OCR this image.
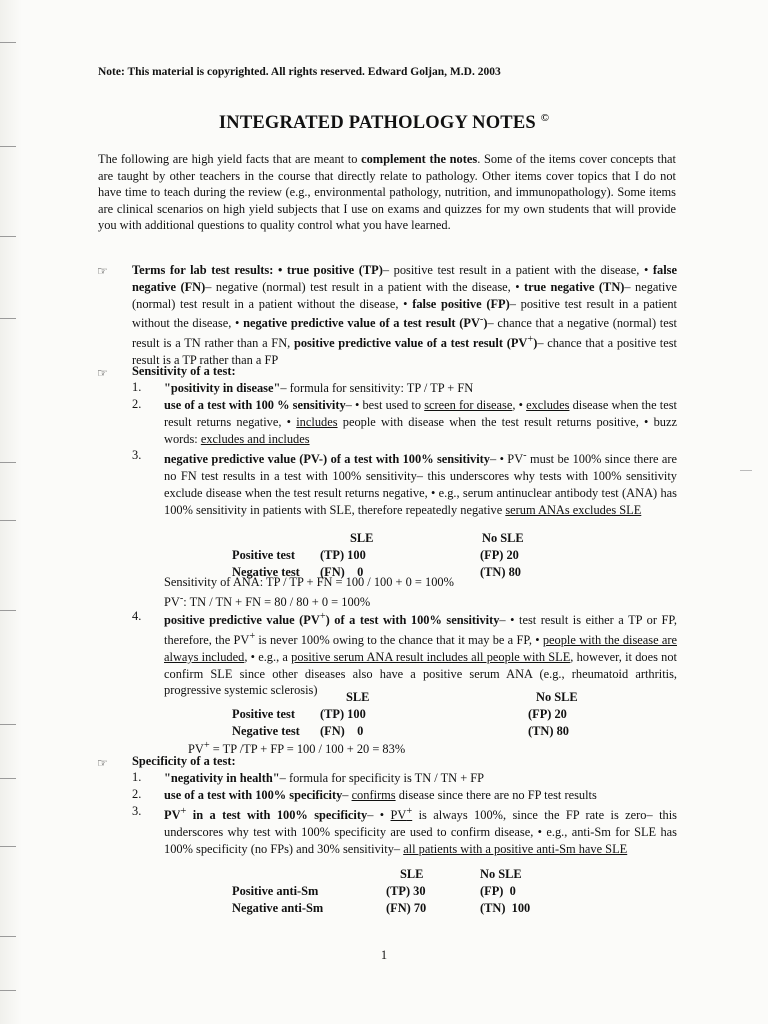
Note: This material is copyrighted. All rights reserved. Edward Goljan, M.D. 2003
INTEGRATED PATHOLOGY NOTES ©
The following are high yield facts that are meant to complement the notes. Some of the items cover concepts that are taught by other teachers in the course that directly relate to pathology. Other items cover topics that I do not have time to teach during the review (e.g., environmental pathology, nutrition, and immunopathology). Some items are clinical scenarios on high yield subjects that I use on exams and quizzes for my own students that will provide you with additional questions to quality control what you have learned.
☞ Terms for lab test results: • true positive (TP)– positive test result in a patient with the disease, • false negative (FN)– negative (normal) test result in a patient with the disease, • true negative (TN)– negative (normal) test result in a patient without the disease, • false positive (FP)– positive test result in a patient without the disease, • negative predictive value of a test result (PV-)– chance that a negative (normal) test result is a TN rather than a FN, positive predictive value of a test result (PV+)– chance that a positive test result is a TP rather than a FP
☞ Sensitivity of a test:
1. "positivity in disease"– formula for sensitivity: TP / TP + FN
2. use of a test with 100 % sensitivity– • best used to screen for disease, • excludes disease when the test result returns negative, • includes people with disease when the test result returns positive, • buzz words: excludes and includes
3. negative predictive value (PV-) of a test with 100% sensitivity– • PV- must be 100% since there are no FN test results in a test with 100% sensitivity– this underscores why tests with 100% sensitivity exclude disease when the test result returns negative, • e.g., serum antinuclear antibody test (ANA) has 100% sensitivity in patients with SLE, therefore repeatedly negative serum ANAs excludes SLE
	SLE	No SLE
Positive test	(TP) 100	(FP) 20
Negative test	(FN)    0	(TN) 80
Sensitivity of ANA: TP / TP + FN = 100 / 100 + 0 = 100%
PV-: TN / TN + FN = 80 / 80 + 0 = 100%
4. positive predictive value (PV+) of a test with 100% sensitivity– • test result is either a TP or FP, therefore, the PV+ is never 100% owing to the chance that it may be a FP, • people with the disease are always included, • e.g., a positive serum ANA result includes all people with SLE, however, it does not confirm SLE since other diseases also have a positive serum ANA (e.g., rheumatoid arthritis, progressive systemic sclerosis)
		SLE	No SLE
Positive test	(TP) 100	(FP) 20
Negative test	(FN)    0	(TN) 80
PV+ = TP /TP + FP = 100 / 100 + 20 = 83%
☞ Specificity of a test:
1. "negativity in health"– formula for specificity is TN / TN + FP
2. use of a test with 100% specificity– confirms disease since there are no FP test results
3. PV+ in a test with 100% specificity– • PV+ is always 100%, since the FP rate is zero– this underscores why test with 100% specificity are used to confirm disease, • e.g., anti-Sm for SLE has 100% specificity (no FPs) and 30% sensitivity– all patients with a positive anti-Sm have SLE
	SLE	No SLE
Positive anti-Sm	(TP) 30	(FP)  0
Negative anti-Sm	(FN) 70	(TN)  100
1
